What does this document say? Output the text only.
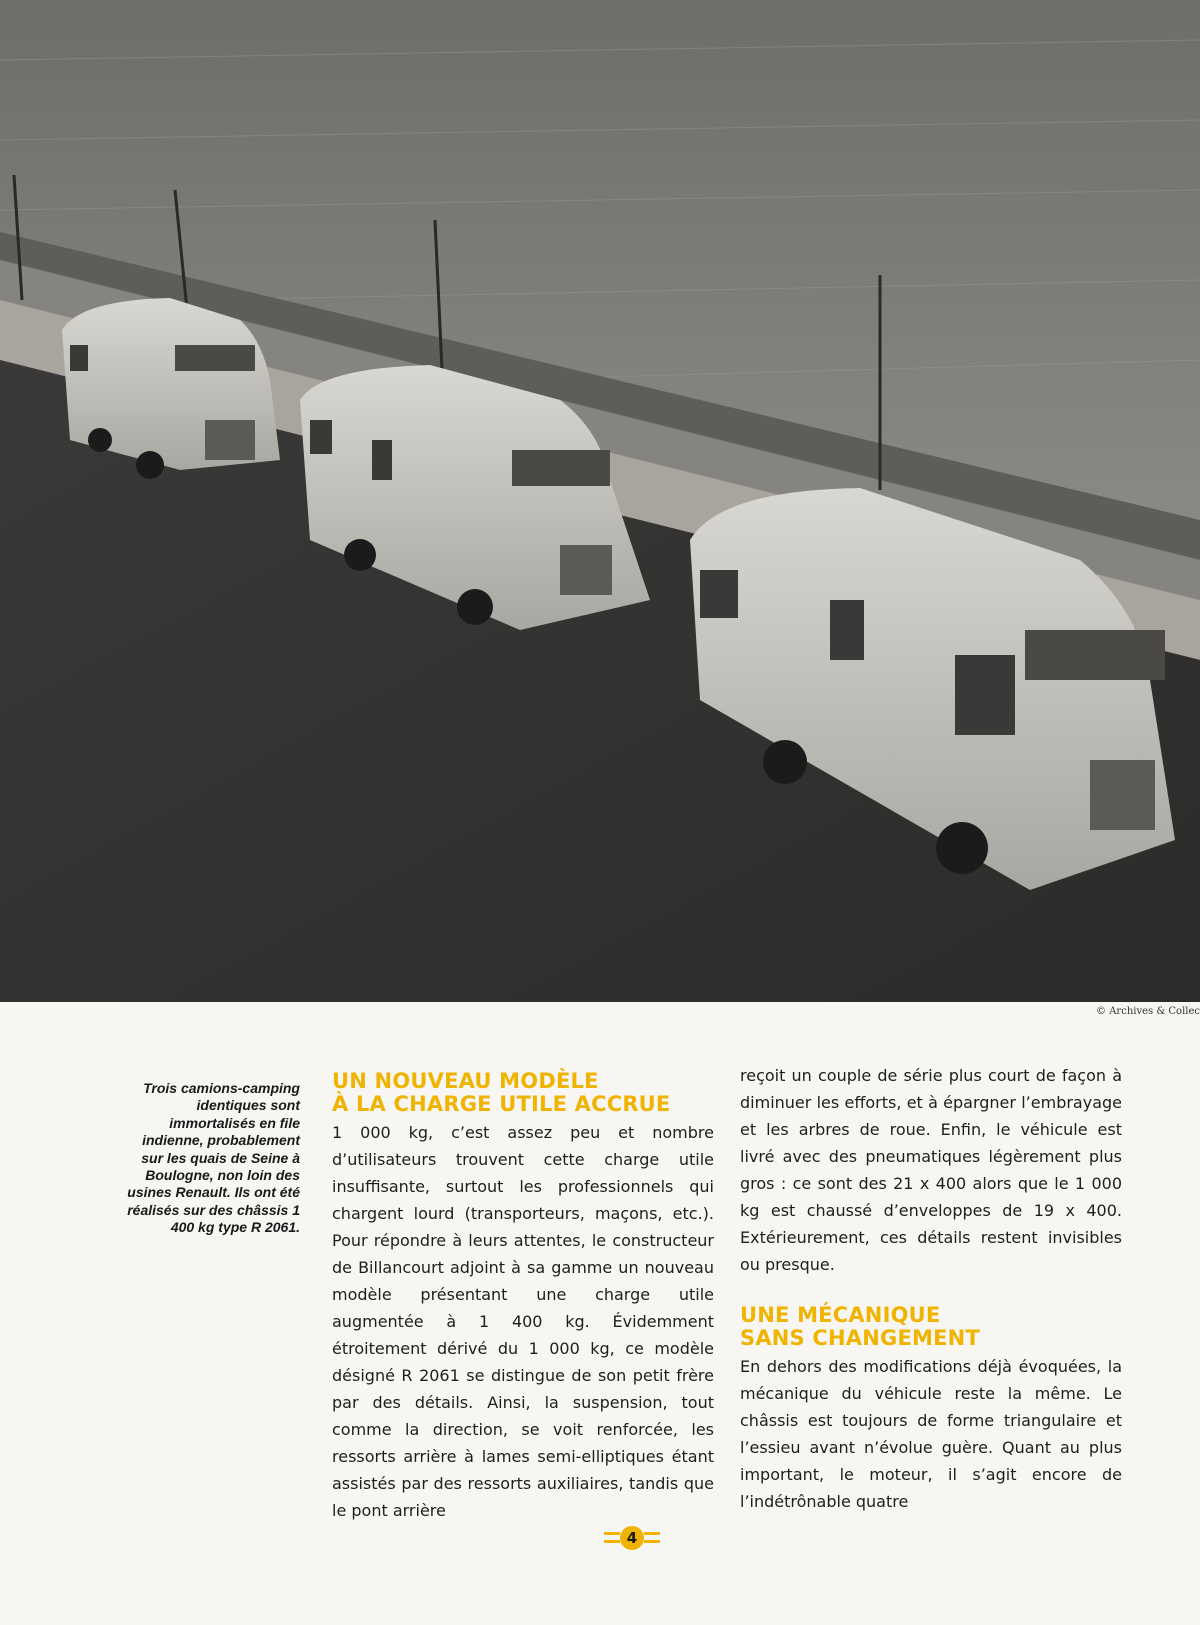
© Archives & Collec
Trois camions-camping identiques sont immortalisés en file indienne, probablement sur les quais de Seine à Boulogne, non loin des usines Renault. Ils ont été réalisés sur des châssis 1 400 kg type R 2061.
UN NOUVEAU MODÈLE
À LA CHARGE UTILE ACCRUE

1 000 kg, c’est assez peu et nombre d’utilisateurs trouvent cette charge utile insuffisante, surtout les professionnels qui chargent lourd (transporteurs, maçons, etc.). Pour répondre à leurs attentes, le constructeur de Billancourt adjoint à sa gamme un nouveau modèle présentant une charge utile augmentée à 1 400 kg. Évidemment étroitement dérivé du 1 000 kg, ce modèle désigné R 2061 se distingue de son petit frère par des détails. Ainsi, la suspension, tout comme la direction, se voit renforcée, les ressorts arrière à lames semi-elliptiques étant assistés par des ressorts auxiliaires, tandis que le pont arrière

reçoit un couple de série plus court de façon à diminuer les efforts, et à épargner l’embrayage et les arbres de roue. Enfin, le véhicule est livré avec des pneumatiques légèrement plus gros : ce sont des 21 x 400 alors que le 1 000 kg est chaussé d’enveloppes de 19 x 400. Extérieurement, ces détails restent invisibles ou presque.

UNE MÉCANIQUE
SANS CHANGEMENT

En dehors des modifications déjà évoquées, la mécanique du véhicule reste la même. Le châssis est toujours de forme triangulaire et l’essieu avant n’évolue guère. Quant au plus important, le moteur, il s’agit encore de l’indétrônable quatre

4
